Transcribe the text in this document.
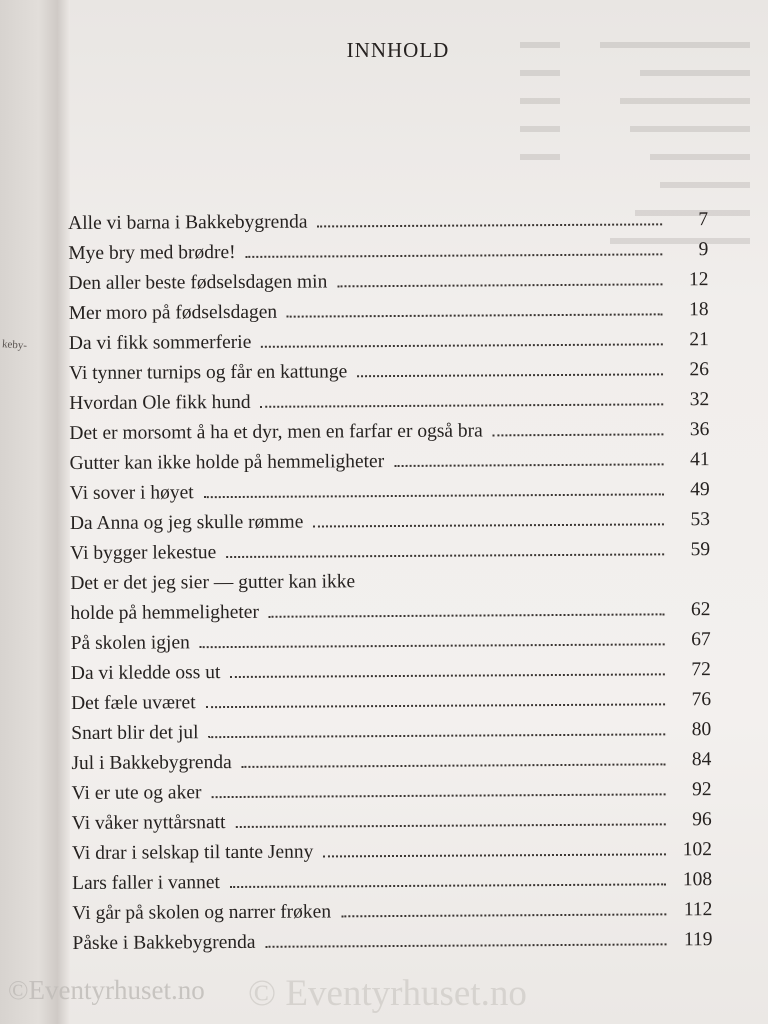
keby-
INNHOLD
Alle vi barna i Bakkebygrenda	7
Mye bry med brødre!	9
Den aller beste fødselsdagen min	12
Mer moro på fødselsdagen	18
Da vi fikk sommerferie	21
Vi tynner turnips og får en kattunge	26
Hvordan Ole fikk hund	32
Det er morsomt å ha et dyr, men en farfar er også bra	36
Gutter kan ikke holde på hemmeligheter	41
Vi sover i høyet	49
Da Anna og jeg skulle rømme	53
Vi bygger lekestue	59
Det er det jeg sier — gutter kan ikke
holde på hemmeligheter	62
På skolen igjen	67
Da vi kledde oss ut	72
Det fæle uværet	76
Snart blir det jul	80
Jul i Bakkebygrenda	84
Vi er ute og aker	92
Vi våker nyttårsnatt	96
Vi drar i selskap til tante Jenny	102
Lars faller i vannet	108
Vi går på skolen og narrer frøken	112
Påske i Bakkebygrenda	119
©Eventyrhuset.no © Eventyrhuset.no
